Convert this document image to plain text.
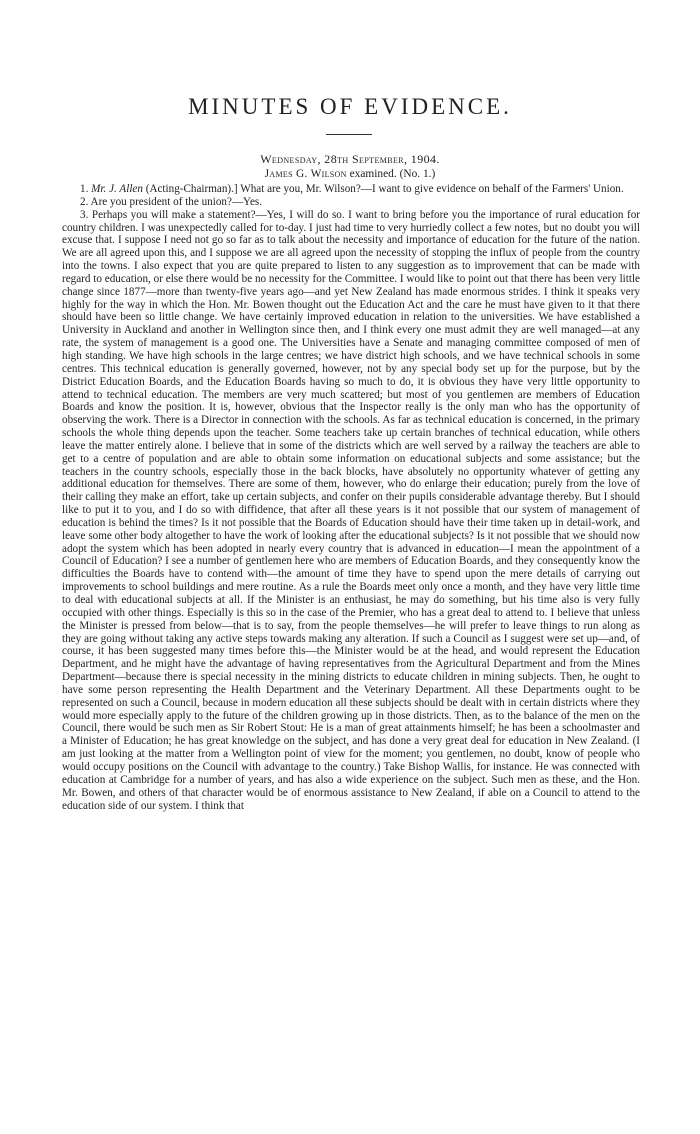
MINUTES OF EVIDENCE.
Wednesday, 28th September, 1904.
James G. Wilson examined. (No. 1.)

1. Mr. J. Allen (Acting-Chairman).] What are you, Mr. Wilson?—I want to give evidence on behalf of the Farmers' Union.

2. Are you president of the union?—Yes.

3. Perhaps you will make a statement?—Yes, I will do so. I want to bring before you the importance of rural education for country children. I was unexpectedly called for to-day. I just had time to very hurriedly collect a few notes, but no doubt you will excuse that. I suppose I need not go so far as to talk about the necessity and importance of education for the future of the nation. We are all agreed upon this, and I suppose we are all agreed upon the necessity of stopping the influx of people from the country into the towns. I also expect that you are quite prepared to listen to any suggestion as to improvement that can be made with regard to education, or else there would be no necessity for the Committee. I would like to point out that there has been very little change since 1877—more than twenty-five years ago—and yet New Zealand has made enormous strides. I think it speaks very highly for the way in which the Hon. Mr. Bowen thought out the Education Act and the care he must have given to it that there should have been so little change. We have certainly improved education in relation to the universities. We have established a University in Auckland and another in Wellington since then, and I think every one must admit they are well managed—at any rate, the system of management is a good one. The Universities have a Senate and managing committee composed of men of high standing. We have high schools in the large centres; we have district high schools, and we have technical schools in some centres. This technical education is generally governed, however, not by any special body set up for the purpose, but by the District Education Boards, and the Education Boards having so much to do, it is obvious they have very little opportunity to attend to technical education. The members are very much scattered; but most of you gentlemen are members of Education Boards and know the position. It is, however, obvious that the Inspector really is the only man who has the opportunity of observing the work. There is a Director in connection with the schools. As far as technical education is concerned, in the primary schools the whole thing depends upon the teacher. Some teachers take up certain branches of technical education, while others leave the matter entirely alone. I believe that in some of the districts which are well served by a railway the teachers are able to get to a centre of population and are able to obtain some information on educational subjects and some assistance; but the teachers in the country schools, especially those in the back blocks, have absolutely no opportunity whatever of getting any additional education for themselves. There are some of them, however, who do enlarge their education; purely from the love of their calling they make an effort, take up certain subjects, and confer on their pupils considerable advantage thereby. But I should like to put it to you, and I do so with diffidence, that after all these years is it not possible that our system of management of education is behind the times? Is it not possible that the Boards of Education should have their time taken up in detail-work, and leave some other body altogether to have the work of looking after the educational subjects? Is it not possible that we should now adopt the system which has been adopted in nearly every country that is advanced in education—I mean the appointment of a Council of Education? I see a number of gentlemen here who are members of Education Boards, and they consequently know the difficulties the Boards have to contend with—the amount of time they have to spend upon the mere details of carrying out improvements to school buildings and mere routine. As a rule the Boards meet only once a month, and they have very little time to deal with educational subjects at all. If the Minister is an enthusiast, he may do something, but his time also is very fully occupied with other things. Especially is this so in the case of the Premier, who has a great deal to attend to. I believe that unless the Minister is pressed from below—that is to say, from the people themselves—he will prefer to leave things to run along as they are going without taking any active steps towards making any alteration. If such a Council as I suggest were set up—and, of course, it has been suggested many times before this—the Minister would be at the head, and would represent the Education Department, and he might have the advantage of having representatives from the Agricultural Department and from the Mines Department—because there is special necessity in the mining districts to educate children in mining subjects. Then, he ought to have some person representing the Health Department and the Veterinary Department. All these Departments ought to be represented on such a Council, because in modern education all these subjects should be dealt with in certain districts where they would more especially apply to the future of the children growing up in those districts. Then, as to the balance of the men on the Council, there would be such men as Sir Robert Stout: He is a man of great attainments himself; he has been a schoolmaster and a Minister of Education; he has great knowledge on the subject, and has done a very great deal for education in New Zealand. (I am just looking at the matter from a Wellington point of view for the moment; you gentlemen, no doubt, know of people who would occupy positions on the Council with advantage to the country.) Take Bishop Wallis, for instance. He was connected with education at Cambridge for a number of years, and has also a wide experience on the subject. Such men as these, and the Hon. Mr. Bowen, and others of that character would be of enormous assistance to New Zealand, if able on a Council to attend to the education side of our system. I think that
